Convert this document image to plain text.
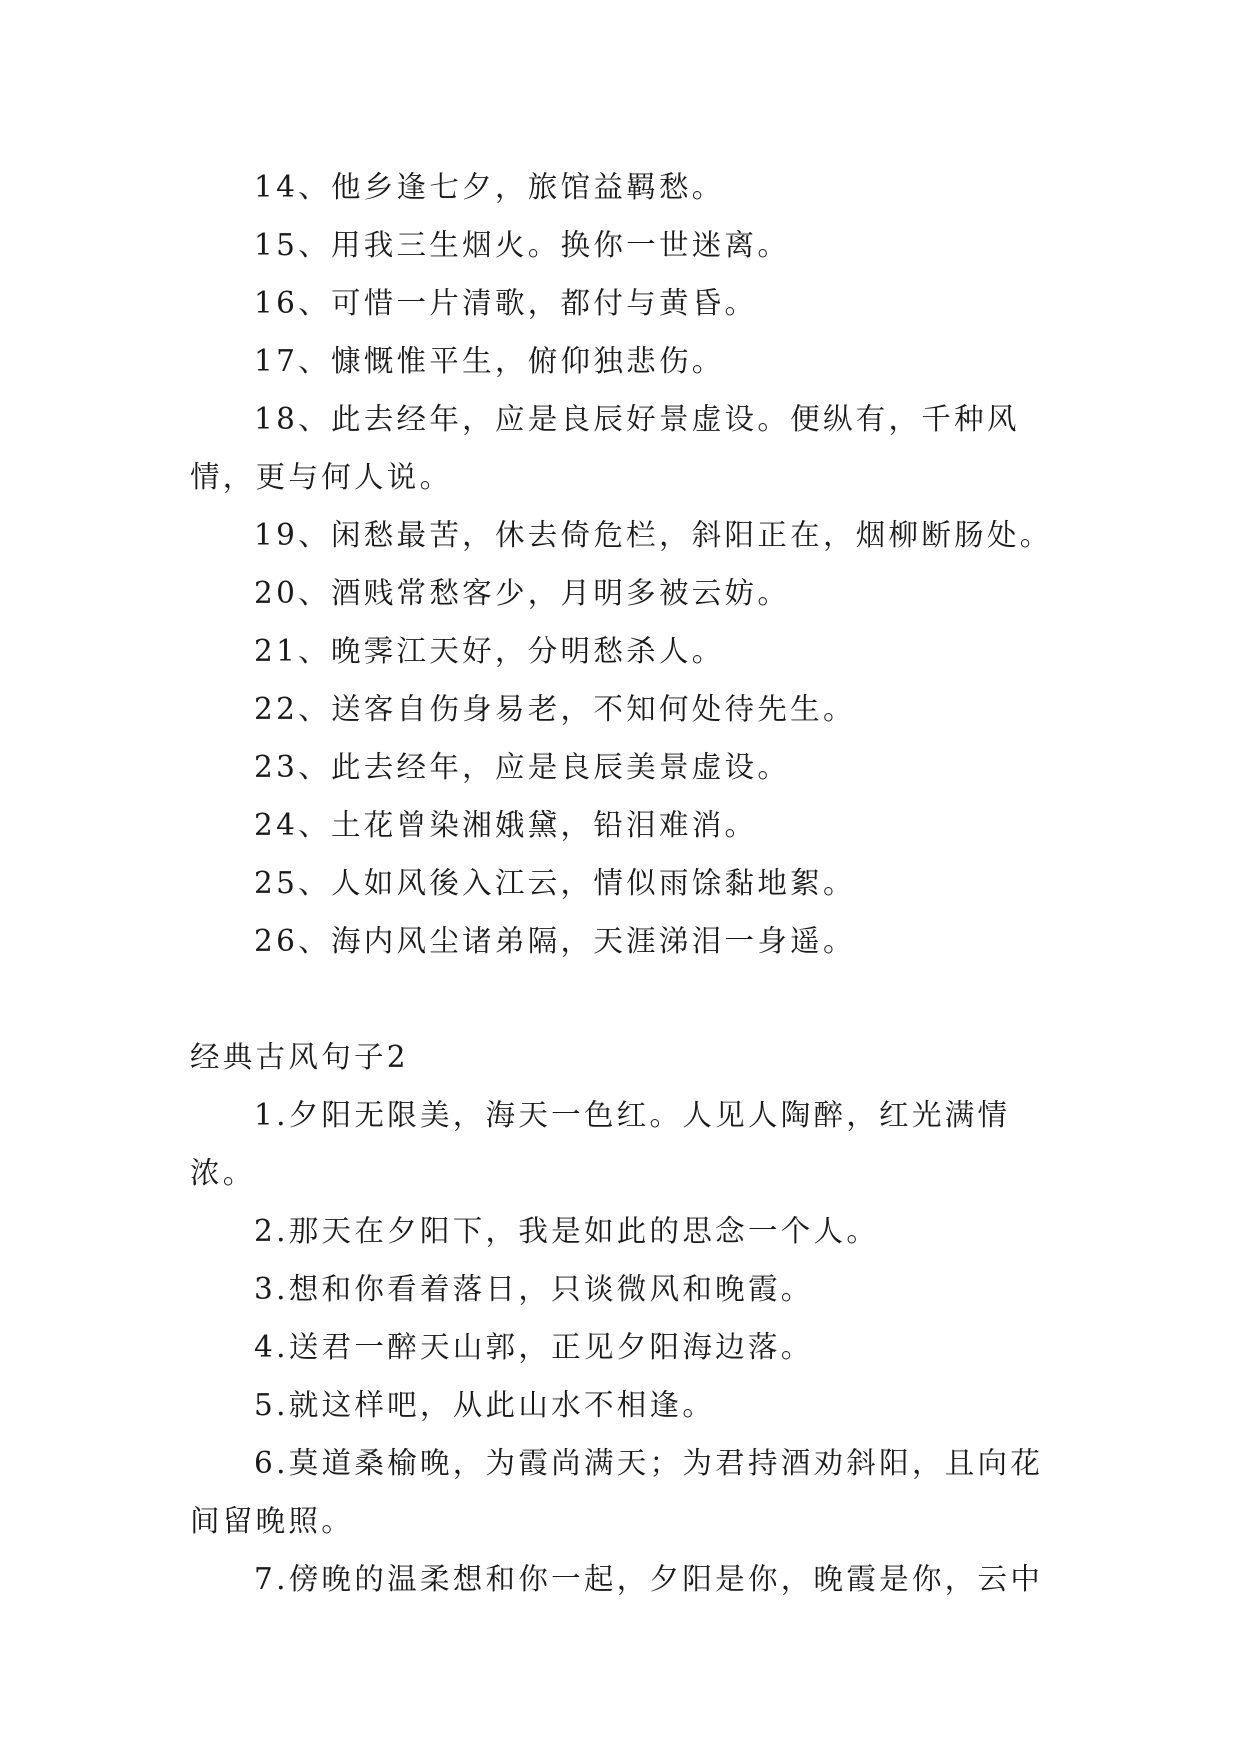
14、他乡逢七夕，旅馆益羁愁。

15、用我三生烟火。换你一世迷离。

16、可惜一片清歌，都付与黄昏。

17、慷慨惟平生，俯仰独悲伤。

18、此去经年，应是良辰好景虚设。便纵有，千种风情，更与何人说。

19、闲愁最苦，休去倚危栏，斜阳正在，烟柳断肠处。

20、酒贱常愁客少，月明多被云妨。

21、晚霁江天好，分明愁杀人。

22、送客自伤身易老，不知何处待先生。

23、此去经年，应是良辰美景虚设。

24、土花曾染湘娥黛，铅泪难消。

25、人如风後入江云，情似雨馀黏地絮。

26、海内风尘诸弟隔，天涯涕泪一身遥。

经典古风句子2

1.夕阳无限美，海天一色红。人见人陶醉，红光满情浓。

2.那天在夕阳下，我是如此的思念一个人。

3.想和你看着落日，只谈微风和晚霞。

4.送君一醉天山郭，正见夕阳海边落。

5.就这样吧，从此山水不相逢。

6.莫道桑榆晚，为霞尚满天；为君持酒劝斜阳，且向花间留晚照。

7.傍晚的温柔想和你一起，夕阳是你，晚霞是你，云中
